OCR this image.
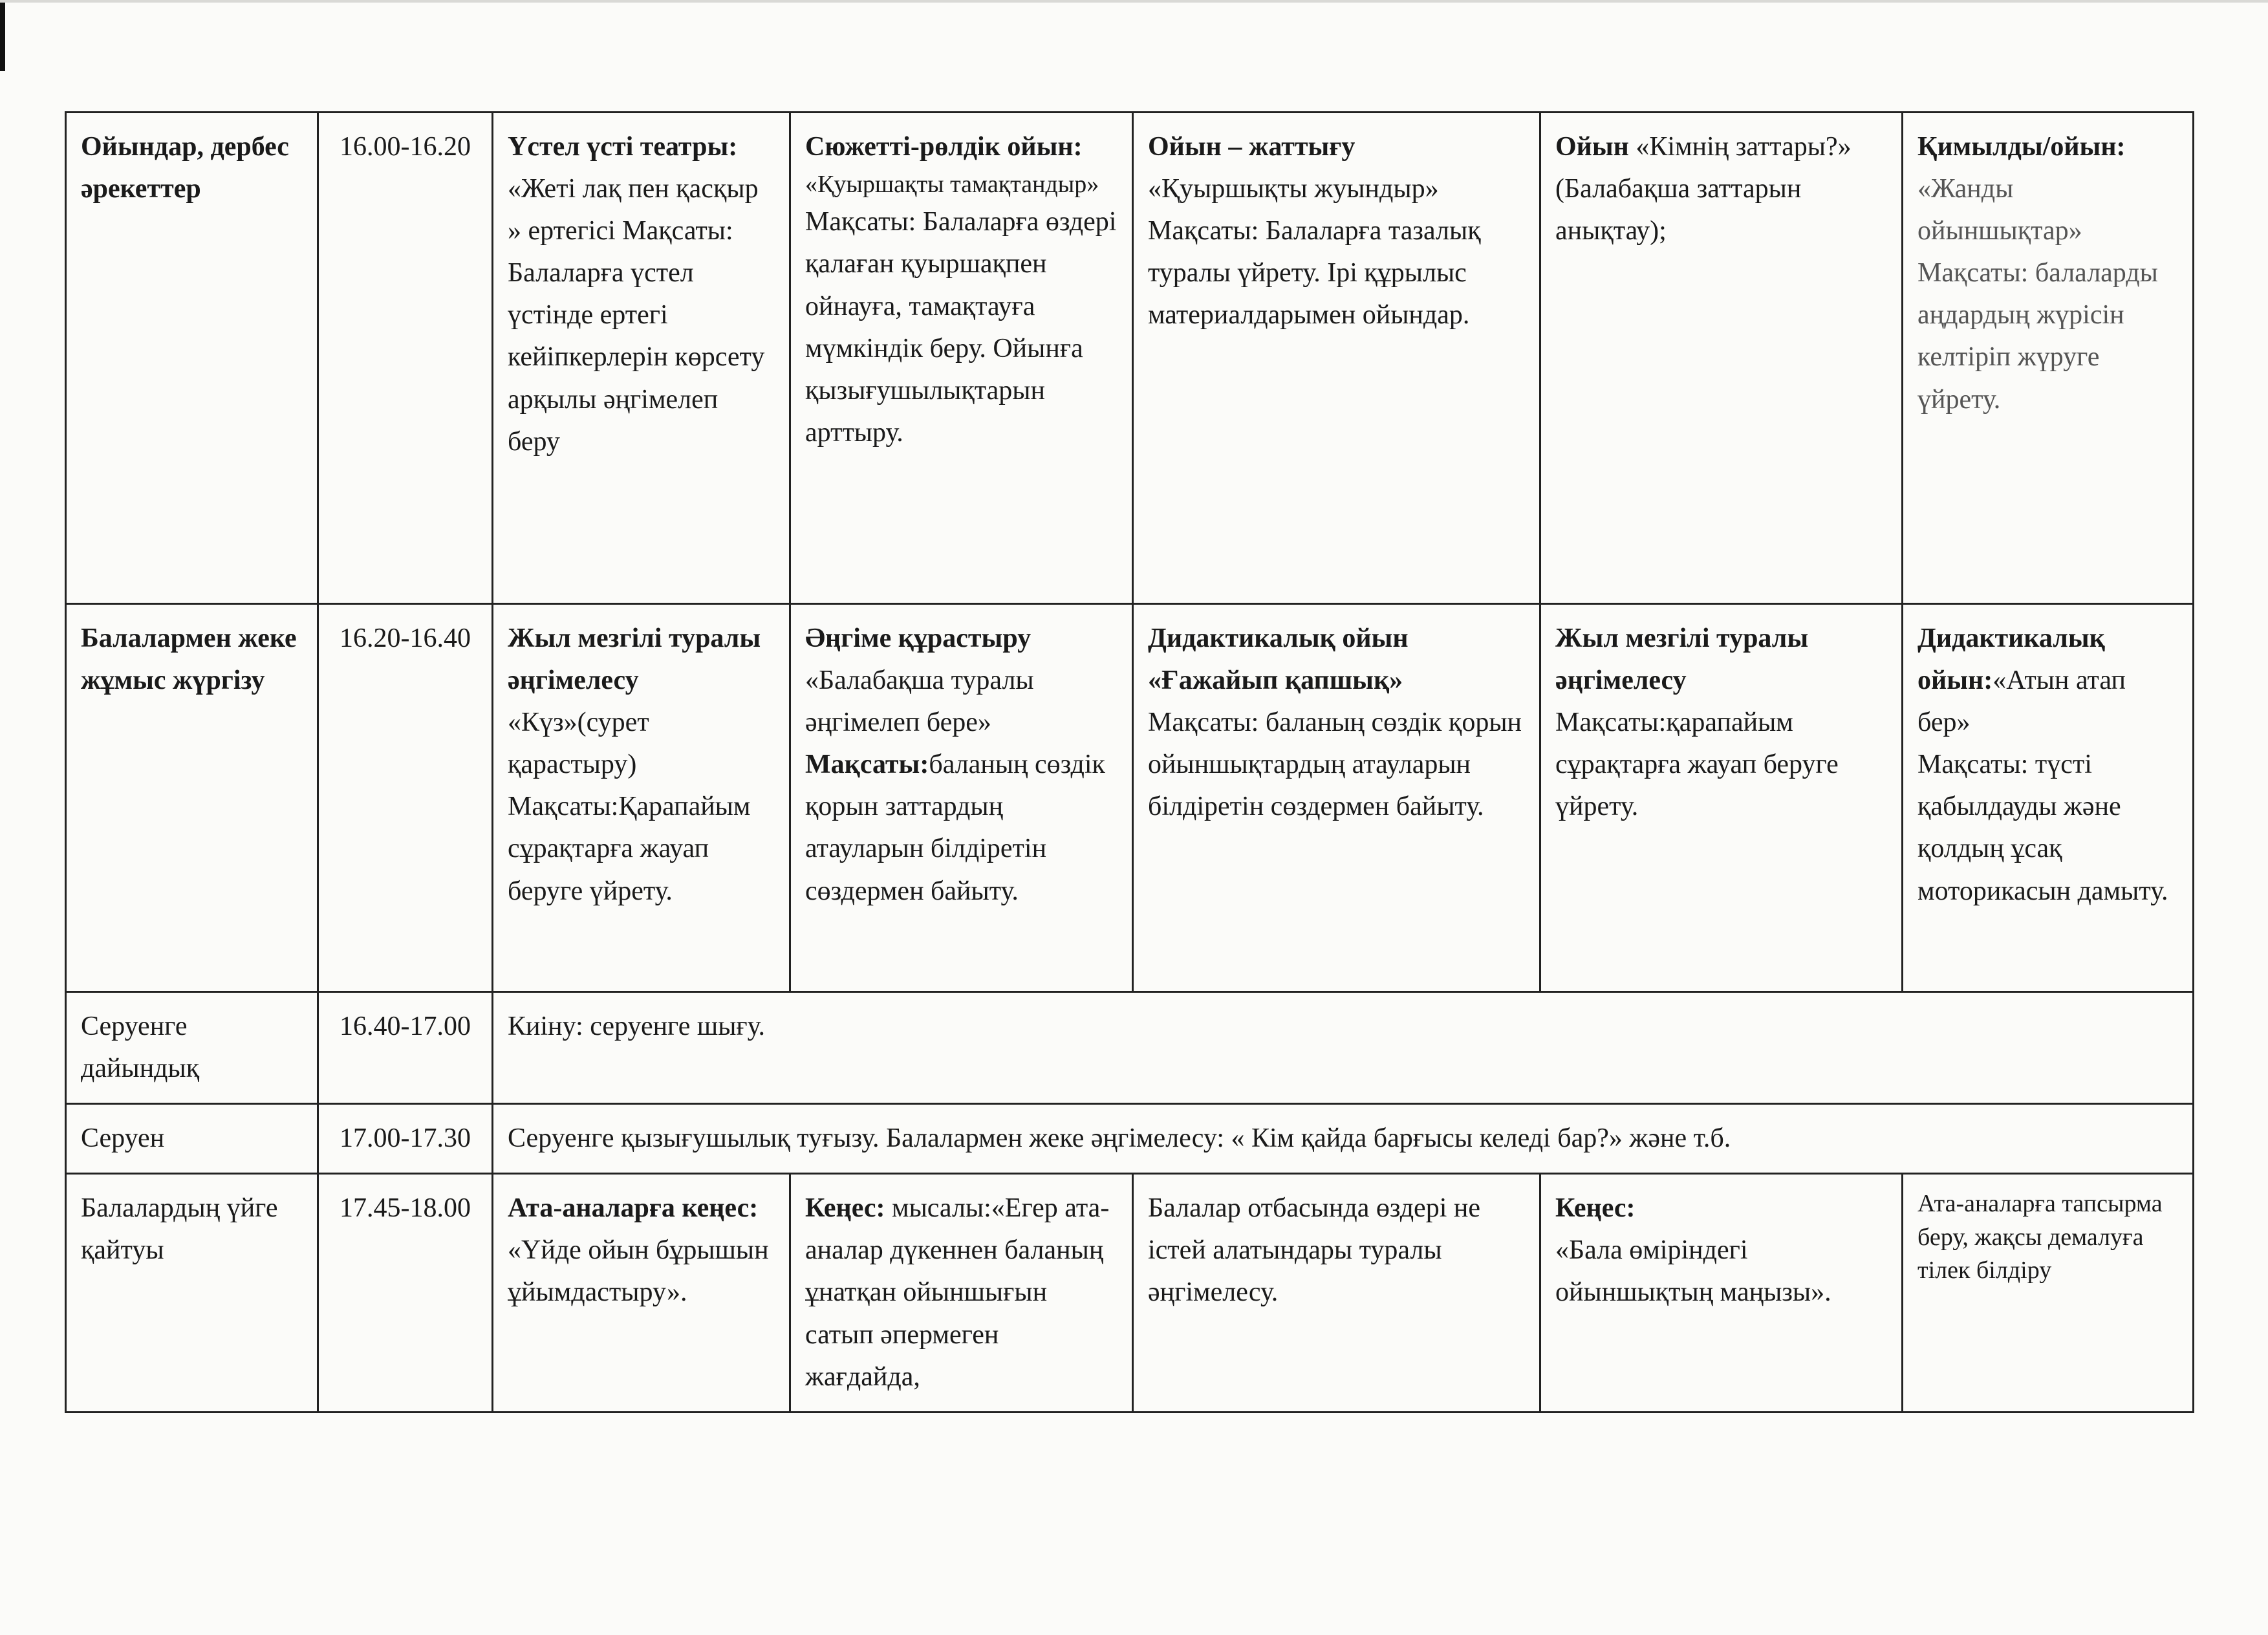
Ойындар, дербес әрекеттер	16.00-16.20	Үстел үсті театры:
«Жеті лақ пен қасқыр » ертегісі Мақсаты: Балаларға үстел үстінде ертегі кейіпкерлерін көрсету арқылы әңгімелеп беру	Сюжетті-рөлдік ойын:
«Қуыршақты тамақтандыр»
Мақсаты: Балаларға өздері қалаған қуыршақпен ойнауға, тамақтауға мүмкіндік беру. Ойынға қызығушылықтарын арттыру.	Ойын – жаттығу
«Қуыршықты жуындыр» Мақсаты: Балаларға тазалық туралы үйрету. Ірі құрылыс материалдарымен ойындар.	Ойын «Кімнің заттары?» (Балабақша заттарын анықтау);	Қимылды/ойын:
«Жанды ойыншықтар»
Мақсаты: балаларды аңдардың жүрісін келтіріп жүруге үйрету.

Балалармен жеке жұмыс жүргізу	16.20-16.40	Жыл мезгілі туралы әңгімелесу
«Күз»(сурет қарастыру) Мақсаты:Қарапайым сұрақтарға жауап беруге үйрету.	Әңгіме құрастыру
«Балабақша туралы әңгімелеп бере»
Мақсаты:баланың сөздік қорын заттардың атауларын білдіретін сөздермен байыту.	Дидактикалық ойын «Ғажайып қапшық»
Мақсаты: баланың сөздік қорын ойыншықтардың атауларын білдіретін сөздермен байыту.	Жыл мезгілі туралы әңгімелесу
Мақсаты:қарапайым сұрақтарға жауап беруге үйрету.	Дидактикалық ойын:«Атын атап бер»
Мақсаты: түсті қабылдауды және қолдың ұсақ моторикасын дамыту.

Серуенге дайындық	16.40-17.00	Киіну: серуенге шығу.				
Серуен	17.00-17.30	Серуенге қызығушылық туғызу. Балалармен жеке әңгімелесу: « Кім қайда барғысы келеді бар?» және т.б.				
Балалардың үйге қайтуы	17.45-18.00	Ата-аналарға кеңес:
«Үйде ойын бұрышын ұйымдастыру».	Кеңес: мысалы:«Егер ата-аналар дүкеннен баланың ұнатқан ойыншығын сатып әпермеген жағдайда,	Балалар отбасында өздері не істей алатындары туралы әңгімелесу.	Кеңес:
«Бала өміріндегі ойыншықтың маңызы».	Ата-аналарға тапсырма беру, жақсы демалуға тілек білдіру
